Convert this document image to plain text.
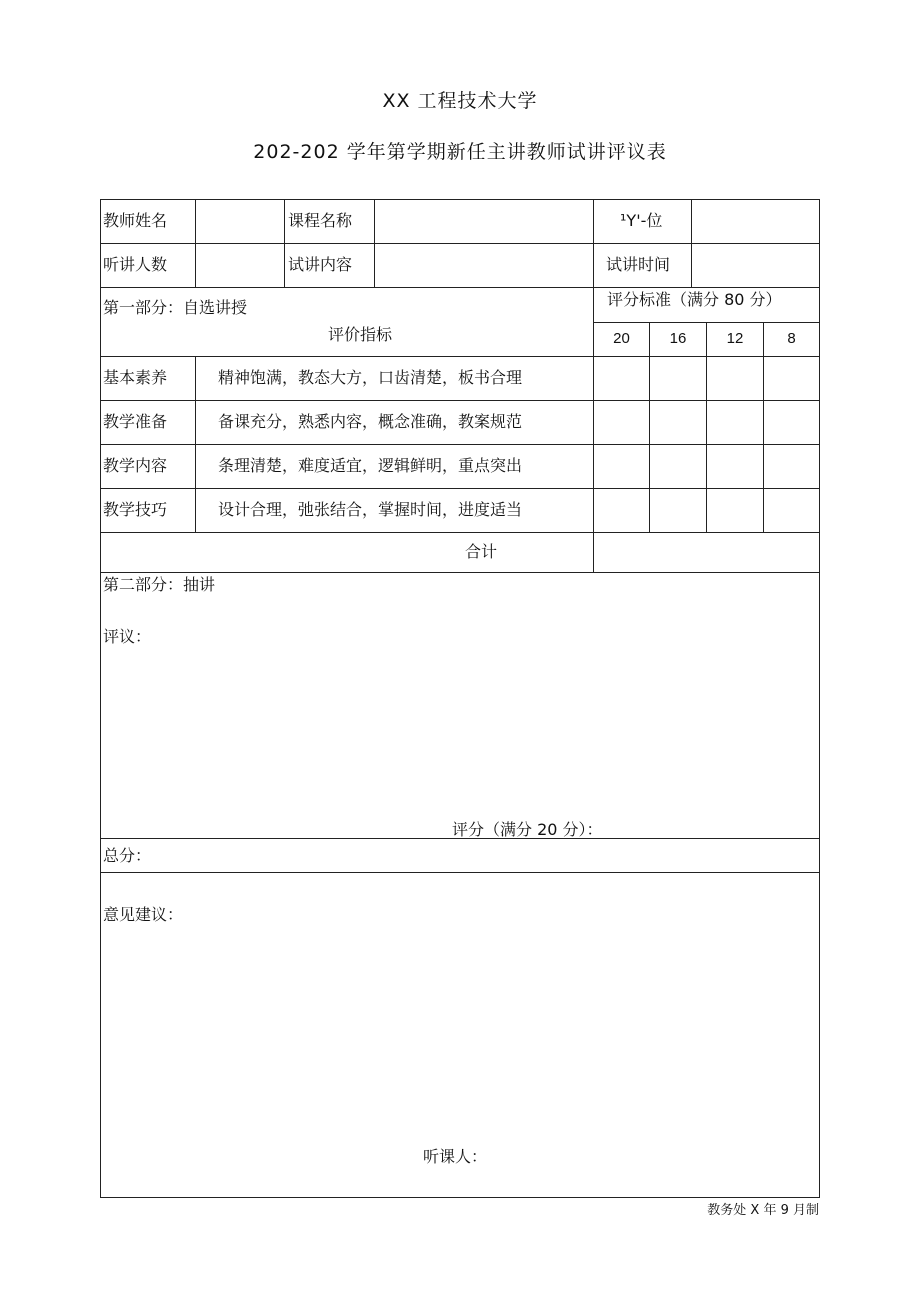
XX 工程技术大学
202-202 学年第学期新任主讲教师试讲评议表
教师姓名	课程名称	¹Y'-位
听讲人数	试讲内容	试讲时间
第一部分：自选讲授
评价指标
评分标准（满分 80 分）
20	16	12	8
基本素养	精神饱满，教态大方，口齿清楚，板书合理
教学准备	备课充分，熟悉内容，概念准确，教案规范
教学内容	条理清楚，难度适宜，逻辑鲜明，重点突出
教学技巧	设计合理，弛张结合，掌握时间，进度适当
合计
第二部分：抽讲
评议：
评分（满分 20 分）：
总分：
意见建议：
听课人：
教务处 X 年 9 月制
